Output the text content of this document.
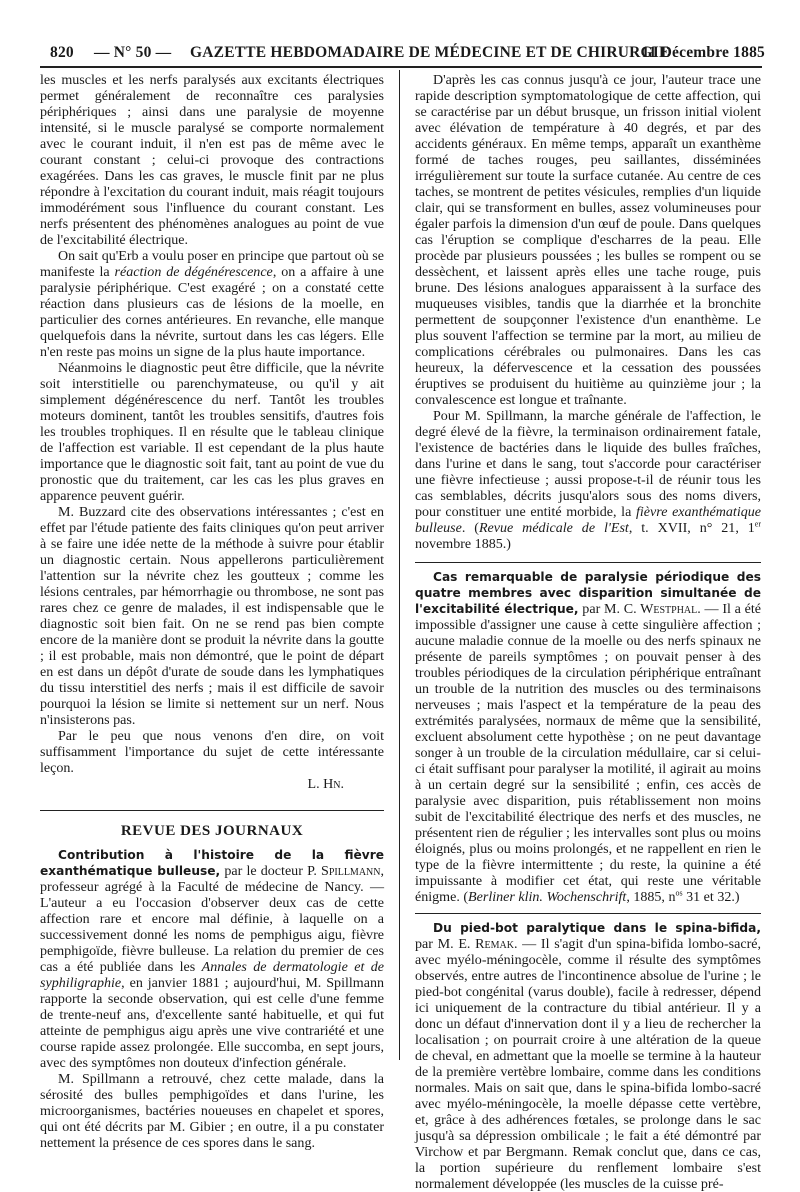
820 — N° 50 — GAZETTE HEBDOMADAIRE DE MÉDECINE ET DE CHIRURGIE
11 Décembre 1885

les muscles et les nerfs paralysés aux excitants électriques permet généralement de reconnaître ces paralysies périphériques ; ainsi dans une paralysie de moyenne intensité, si le muscle paralysé se comporte normalement avec le courant induit, il n'en est pas de même avec le courant constant ; celui-ci provoque des contractions exagérées. Dans les cas graves, le muscle finit par ne plus répondre à l'excitation du courant induit, mais réagit toujours immodérément sous l'influence du courant constant. Les nerfs présentent des phénomènes analogues au point de vue de l'excitabilité électrique.

On sait qu'Erb a voulu poser en principe que partout où se manifeste la réaction de dégénérescence, on a affaire à une paralysie périphérique. C'est exagéré ; on a constaté cette réaction dans plusieurs cas de lésions de la moelle, en particulier des cornes antérieures. En revanche, elle manque quelquefois dans la névrite, surtout dans les cas légers. Elle n'en reste pas moins un signe de la plus haute importance.

Néanmoins le diagnostic peut être difficile, que la névrite soit interstitielle ou parenchymateuse, ou qu'il y ait simplement dégénérescence du nerf. Tantôt les troubles moteurs dominent, tantôt les troubles sensitifs, d'autres fois les troubles trophiques. Il en résulte que le tableau clinique de l'affection est variable. Il est cependant de la plus haute importance que le diagnostic soit fait, tant au point de vue du pronostic que du traitement, car les cas les plus graves en apparence peuvent guérir.

M. Buzzard cite des observations intéressantes ; c'est en effet par l'étude patiente des faits cliniques qu'on peut arriver à se faire une idée nette de la méthode à suivre pour établir un diagnostic certain. Nous appellerons particulièrement l'attention sur la névrite chez les goutteux ; comme les lésions centrales, par hémorrhagie ou thrombose, ne sont pas rares chez ce genre de malades, il est indispensable que le diagnostic soit bien fait. On ne se rend pas bien compte encore de la manière dont se produit la névrite dans la goutte ; il est probable, mais non démontré, que le point de départ en est dans un dépôt d'urate de soude dans les lymphatiques du tissu interstitiel des nerfs ; mais il est difficile de savoir pourquoi la lésion se limite si nettement sur un nerf. Nous n'insisterons pas.

Par le peu que nous venons d'en dire, on voit suffisamment l'importance du sujet de cette intéressante leçon.

L. Hn.

REVUE DES JOURNAUX

Contribution à l'histoire de la fièvre exanthématique bulleuse, par le docteur P. Spillmann, professeur agrégé à la Faculté de médecine de Nancy. — L'auteur a eu l'occasion d'observer deux cas de cette affection rare et encore mal définie, à laquelle on a successivement donné les noms de pemphigus aigu, fièvre pemphigoïde, fièvre bulleuse. La relation du premier de ces cas a été publiée dans les Annales de dermatologie et de syphiligraphie, en janvier 1881 ; aujourd'hui, M. Spillmann rapporte la seconde observation, qui est celle d'une femme de trente-neuf ans, d'excellente santé habituelle, et qui fut atteinte de pemphigus aigu après une vive contrariété et une course rapide assez prolongée. Elle succomba, en sept jours, avec des symptômes non douteux d'infection générale.

M. Spillmann a retrouvé, chez cette malade, dans la sérosité des bulles pemphigoïdes et dans l'urine, les microorganismes, bactéries noueuses en chapelet et spores, qui ont été décrits par M. Gibier ; en outre, il a pu constater nettement la présence de ces spores dans le sang.

D'après les cas connus jusqu'à ce jour, l'auteur trace une rapide description symptomatologique de cette affection, qui se caractérise par un début brusque, un frisson initial violent avec élévation de température à 40 degrés, et par des accidents généraux. En même temps, apparaît un exanthème formé de taches rouges, peu saillantes, disséminées irrégulièrement sur toute la surface cutanée. Au centre de ces taches, se montrent de petites vésicules, remplies d'un liquide clair, qui se transforment en bulles, assez volumineuses pour égaler parfois la dimension d'un œuf de poule. Dans quelques cas l'éruption se complique d'escharres de la peau. Elle procède par plusieurs poussées ; les bulles se rompent ou se dessèchent, et laissent après elles une tache rouge, puis brune. Des lésions analogues apparaissent à la surface des muqueuses visibles, tandis que la diarrhée et la bronchite permettent de soupçonner l'existence d'un enanthème. Le plus souvent l'affection se termine par la mort, au milieu de complications cérébrales ou pulmonaires. Dans les cas heureux, la défervescence et la cessation des poussées éruptives se produisent du huitième au quinzième jour ; la convalescence est longue et traînante.

Pour M. Spillmann, la marche générale de l'affection, le degré élevé de la fièvre, la terminaison ordinairement fatale, l'existence de bactéries dans le liquide des bulles fraîches, dans l'urine et dans le sang, tout s'accorde pour caractériser une fièvre infectieuse ; aussi propose-t-il de réunir tous les cas semblables, décrits jusqu'alors sous des noms divers, pour constituer une entité morbide, la fièvre exanthématique bulleuse. (Revue médicale de l'Est, t. XVII, n° 21, 1er novembre 1885.)

Cas remarquable de paralysie périodique des quatre membres avec disparition simultanée de l'excitabilité électrique, par M. C. Westphal. — Il a été impossible d'assigner une cause à cette singulière affection ; aucune maladie connue de la moelle ou des nerfs spinaux ne présente de pareils symptômes ; on pouvait penser à des troubles périodiques de la circulation périphérique entraînant un trouble de la nutrition des muscles ou des terminaisons nerveuses ; mais l'aspect et la température de la peau des extrémités paralysées, normaux de même que la sensibilité, excluent absolument cette hypothèse ; on ne peut davantage songer à un trouble de la circulation médullaire, car si celui-ci était suffisant pour paralyser la motilité, il agirait au moins à un certain degré sur la sensibilité ; enfin, ces accès de paralysie avec disparition, puis rétablissement non moins subit de l'excitabilité électrique des nerfs et des muscles, ne présentent rien de régulier ; les intervalles sont plus ou moins éloignés, plus ou moins prolongés, et ne rappellent en rien le type de la fièvre intermittente ; du reste, la quinine a été impuissante à modifier cet état, qui reste une véritable énigme. (Berliner klin. Wochenschrift, 1885, $n^{os}$ 31 et 32.)

Du pied-bot paralytique dans le spina-bifida, par M. E. Remak. — Il s'agit d'un spina-bifida lombo-sacré, avec myélo-méningocèle, comme il résulte des symptômes observés, entre autres de l'incontinence absolue de l'urine ; le pied-bot congénital (varus double), facile à redresser, dépend ici uniquement de la contracture du tibial antérieur. Il y a donc un défaut d'innervation dont il y a lieu de rechercher la localisation ; on pourrait croire à une altération de la queue de cheval, en admettant que la moelle se termine à la hauteur de la première vertèbre lombaire, comme dans les conditions normales. Mais on sait que, dans le spina-bifida lombo-sacré avec myélo-méningocèle, la moelle dépasse cette vertèbre, et, grâce à des adhérences fœtales, se prolonge dans le sac jusqu'à sa dépression ombilicale ; le fait a été démontré par Virchow et par Bergmann. Remak conclut que, dans ce cas, la portion supérieure du renflement lombaire s'est normalement développée (les muscles de la cuisse pré-
